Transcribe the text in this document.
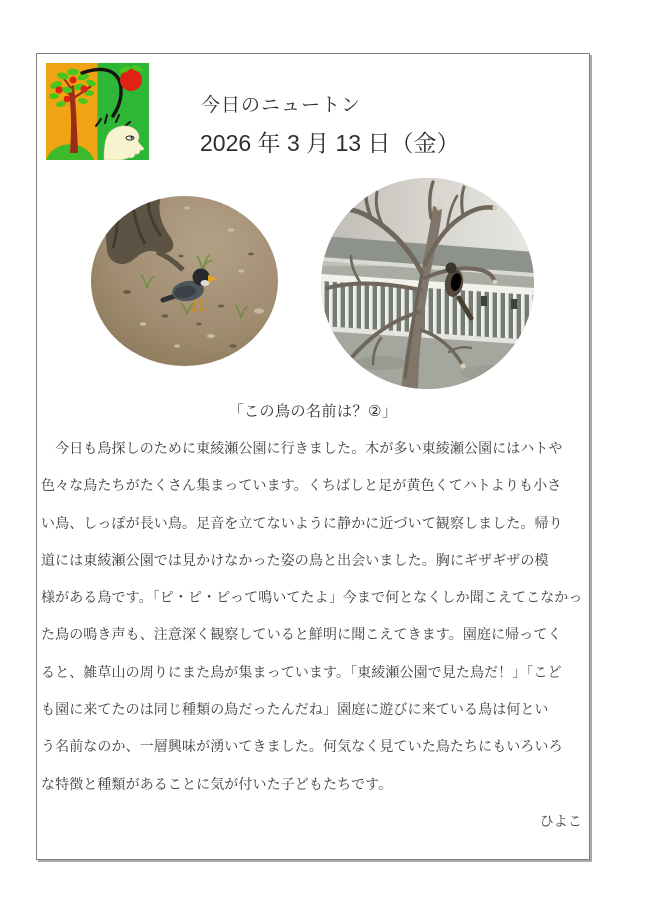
今日のニュートン
2026 年 3 月 13 日（金）
「この鳥の名前は？②」
　今日も鳥探しのために東綾瀬公園に行きました。木が多い東綾瀬公園にはハトや
色々な鳥たちがたくさん集まっています。くちばしと足が黄色くてハトよりも小さ
い鳥、しっぽが長い鳥。足音を立てないように静かに近づいて観察しました。帰り
道には東綾瀬公園では見かけなかった姿の鳥と出会いました。胸にギザギザの模
様がある鳥です。「ピ・ピ・ピって鳴いてたよ」今まで何となくしか聞こえてこなかっ
た鳥の鳴き声も、注意深く観察していると鮮明に聞こえてきます。園庭に帰ってく
ると、雑草山の周りにまた鳥が集まっています。「東綾瀬公園で見た鳥だ！」「こど
も園に来てたのは同じ種類の鳥だったんだね」園庭に遊びに来ている鳥は何とい
う名前なのか、一層興味が湧いてきました。何気なく見ていた鳥たちにもいろいろ
な特徴と種類があることに気が付いた子どもたちです。
ひよこ
